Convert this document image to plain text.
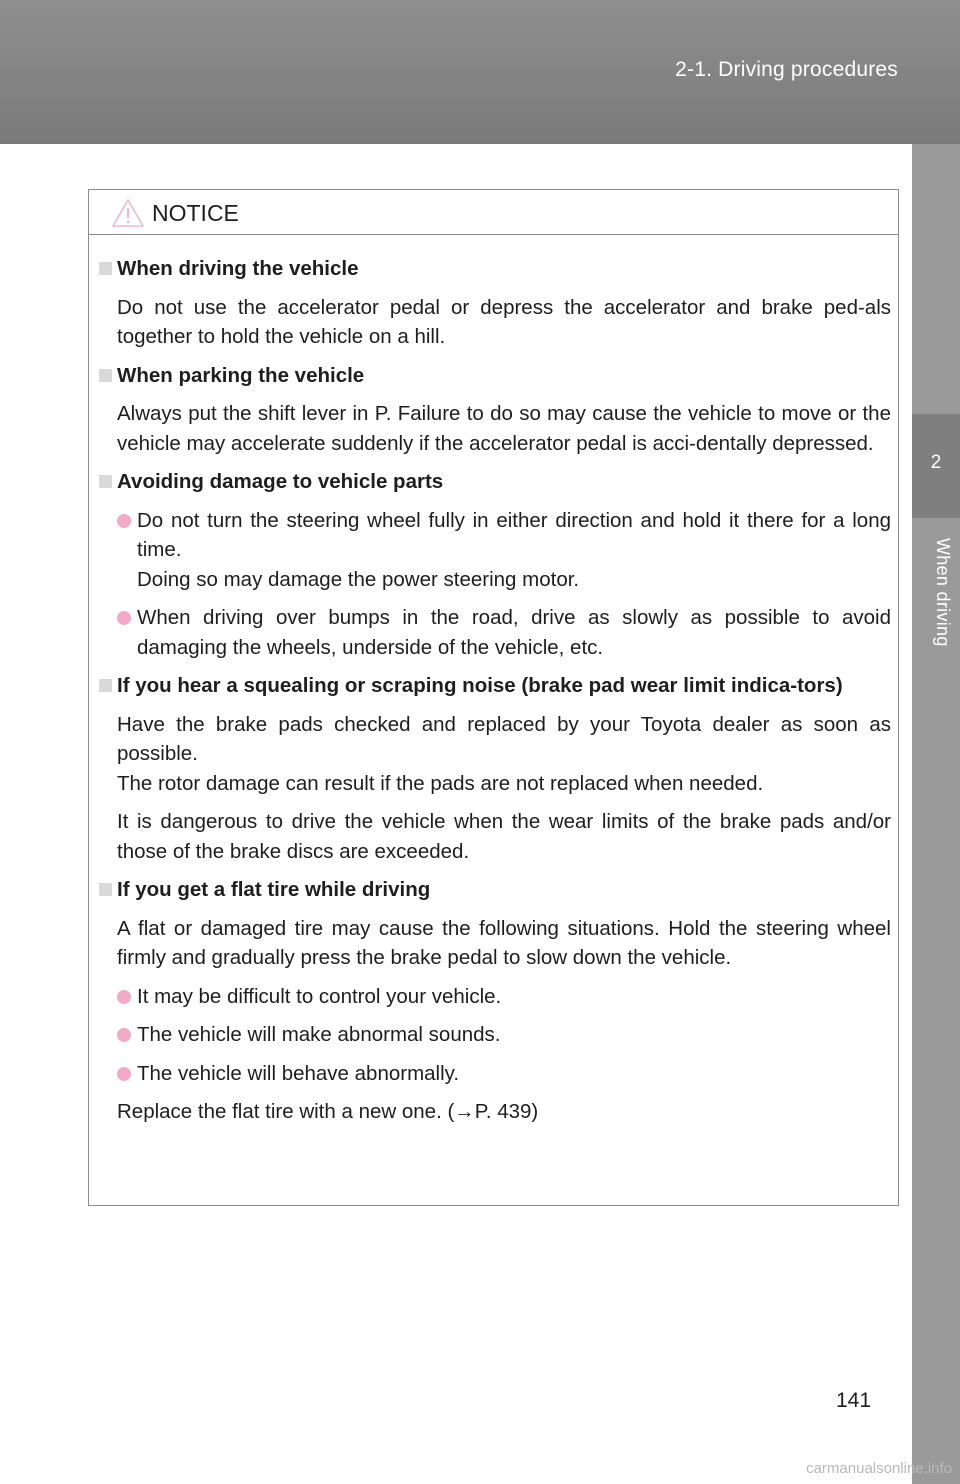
2-1. Driving procedures
2
When driving
NOTICE
When driving the vehicle
Do not use the accelerator pedal or depress the accelerator and brake ped-als together to hold the vehicle on a hill.
When parking the vehicle
Always put the shift lever in P. Failure to do so may cause the vehicle to move or the vehicle may accelerate suddenly if the accelerator pedal is acci-dentally depressed.
Avoiding damage to vehicle parts
Do not turn the steering wheel fully in either direction and hold it there for a long time.
Doing so may damage the power steering motor.
When driving over bumps in the road, drive as slowly as possible to avoid damaging the wheels, underside of the vehicle, etc.
If you hear a squealing or scraping noise (brake pad wear limit indica-tors)
Have the brake pads checked and replaced by your Toyota dealer as soon as possible.
The rotor damage can result if the pads are not replaced when needed.
It is dangerous to drive the vehicle when the wear limits of the brake pads and/or those of the brake discs are exceeded.
If you get a flat tire while driving
A flat or damaged tire may cause the following situations. Hold the steering wheel firmly and gradually press the brake pedal to slow down the vehicle.
It may be difficult to control your vehicle.
The vehicle will make abnormal sounds.
The vehicle will behave abnormally.
Replace the flat tire with a new one. (→P. 439)
141
carmanualsonline.info
